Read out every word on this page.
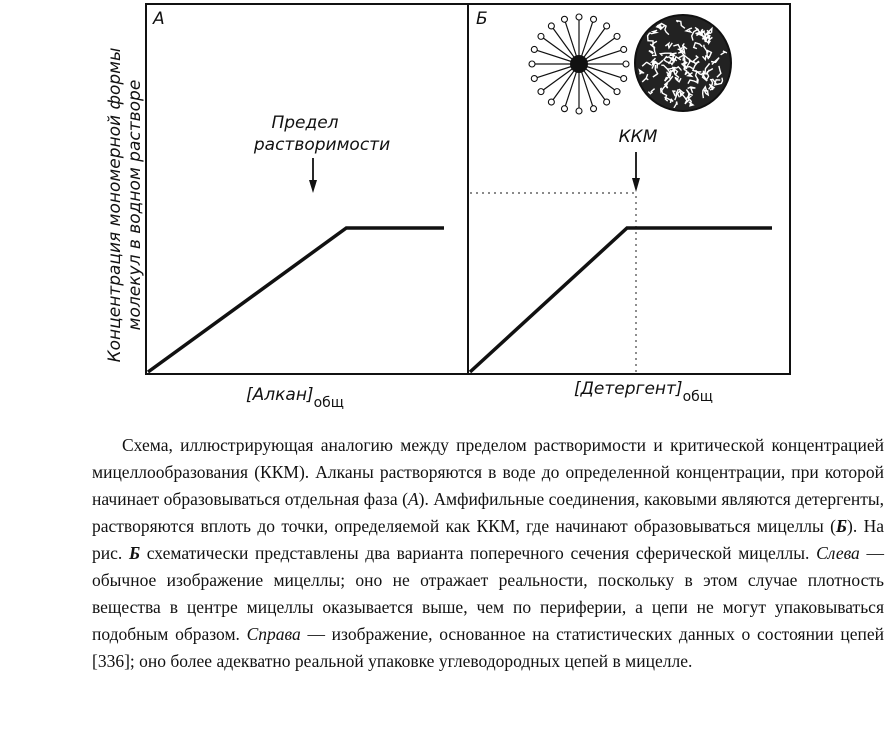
Концентрация мономерной формы молекул в водном растворе
А	Б
Предел
растворимости	ККМ
$[Алкан]_{общ}$
$[Детергент]_{общ}$

Схема, иллюстрирующая аналогию между пределом растворимости и критической концентрацией мицеллообразования (ККМ). Алканы растворяются в воде до определенной концентрации, при которой начинает образовываться отдельная фаза (А). Амфифильные соединения, каковыми являются детергенты, растворяются вплоть до точки, определяемой как ККМ, где начинают образовываться мицеллы (Б). На рис. Б схематически представлены два варианта поперечного сечения сферической мицеллы. Слева — обычное изображение мицеллы; оно не отражает реальности, поскольку в этом случае плотность вещества в центре мицеллы оказывается выше, чем по периферии, а цепи не могут упаковываться подобным образом. Справа — изображение, основанное на статистических данных о состоянии цепей [336]; оно более адекватно реальной упаковке углеводородных цепей в мицелле.
